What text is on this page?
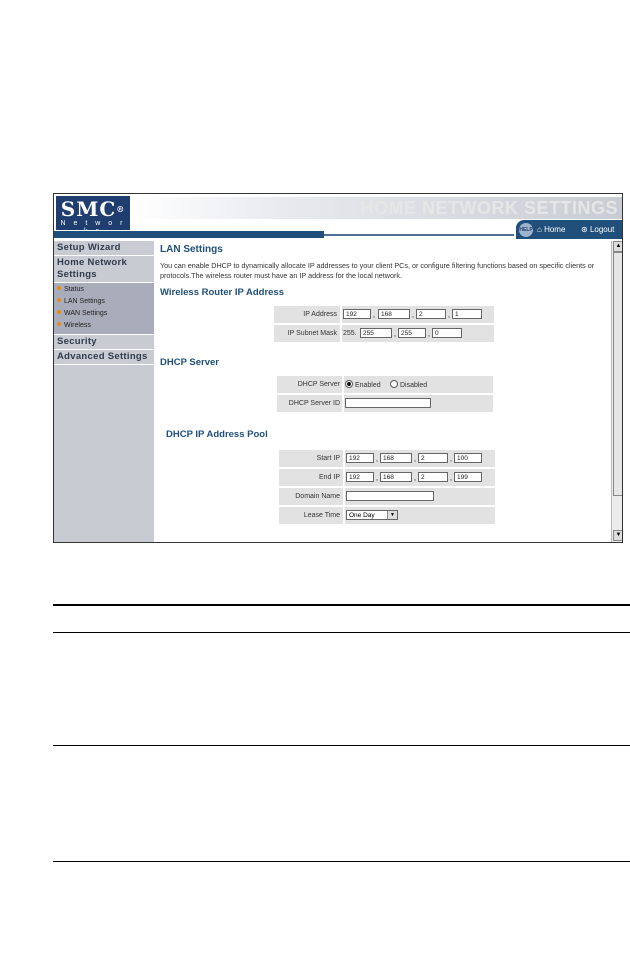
SMC®
N e t w o r
HOME NETWORK SETTINGS
HELP ⌂ Home ⊛ Logout
Setup Wizard
Home Network Settings
Status
LAN Settings
WAN Settings
Wireless
Security
Advanced Settings
LAN Settings
You can enable DHCP to dynamically allocate IP addresses to your client PCs, or configure filtering functions based on specific clients or protocols.The wireless router must have an IP address for the local network.
Wireless Router IP Address
IP Address	192	, 168	, 2	, 1
IP Subnet Mask 255. 255	, 255	, 0
DHCP Server
DHCP Server	Enabled	Disabled
DHCP Server ID
DHCP IP Address Pool
Start IP	192	, 168	, 2	, 100
End IP	192	, 168	, 2	, 199
Domain Name
Lease Time	One Day	▼
▲
▼
